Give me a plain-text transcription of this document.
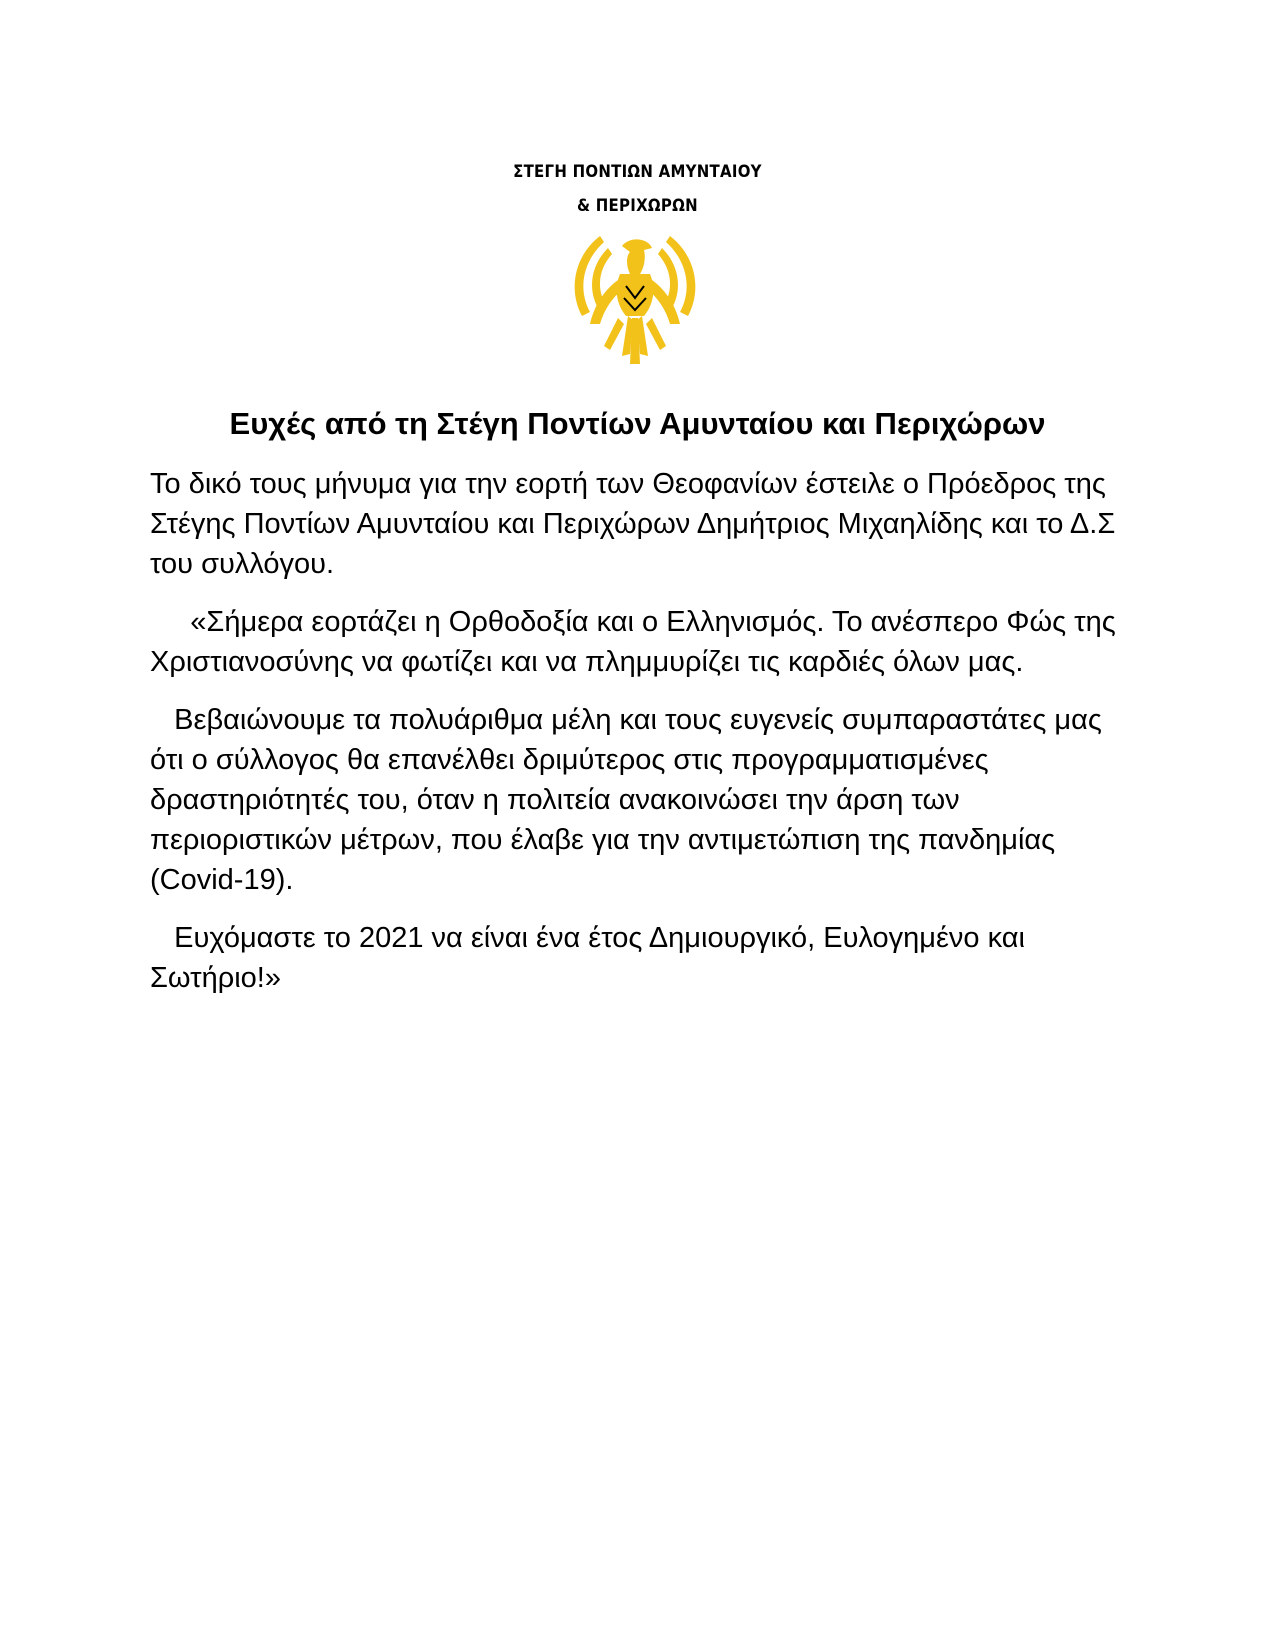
ΣΤΕΓΗ ΠΟΝΤΙΩΝ ΑΜΥΝΤΑΙΟΥ
& ΠΕΡΙΧΩΡΩΝ
Ευχές από τη Στέγη Ποντίων Αμυνταίου και Περιχώρων

Το δικό τους μήνυμα για την εορτή των Θεοφανίων έστειλε ο Πρόεδρος της Στέγης Ποντίων Αμυνταίου και Περιχώρων Δημήτριος Μιχαηλίδης και το Δ.Σ του συλλόγου.

«Σήμερα εορτάζει η Ορθοδοξία και ο Ελληνισμός. Το ανέσπερο Φώς της Χριστιανοσύνης να φωτίζει και να πλημμυρίζει τις καρδιές όλων μας.

Βεβαιώνουμε τα πολυάριθμα μέλη και τους ευγενείς συμπαραστάτες μας ότι ο σύλλογος θα επανέλθει δριμύτερος στις προγραμματισμένες δραστηριότητές του, όταν η πολιτεία ανακοινώσει την άρση των περιοριστικών μέτρων, που έλαβε για την αντιμετώπιση της πανδημίας (Covid-19).

Ευχόμαστε το 2021 να είναι ένα έτος Δημιουργικό, Ευλογημένο και Σωτήριο!»
